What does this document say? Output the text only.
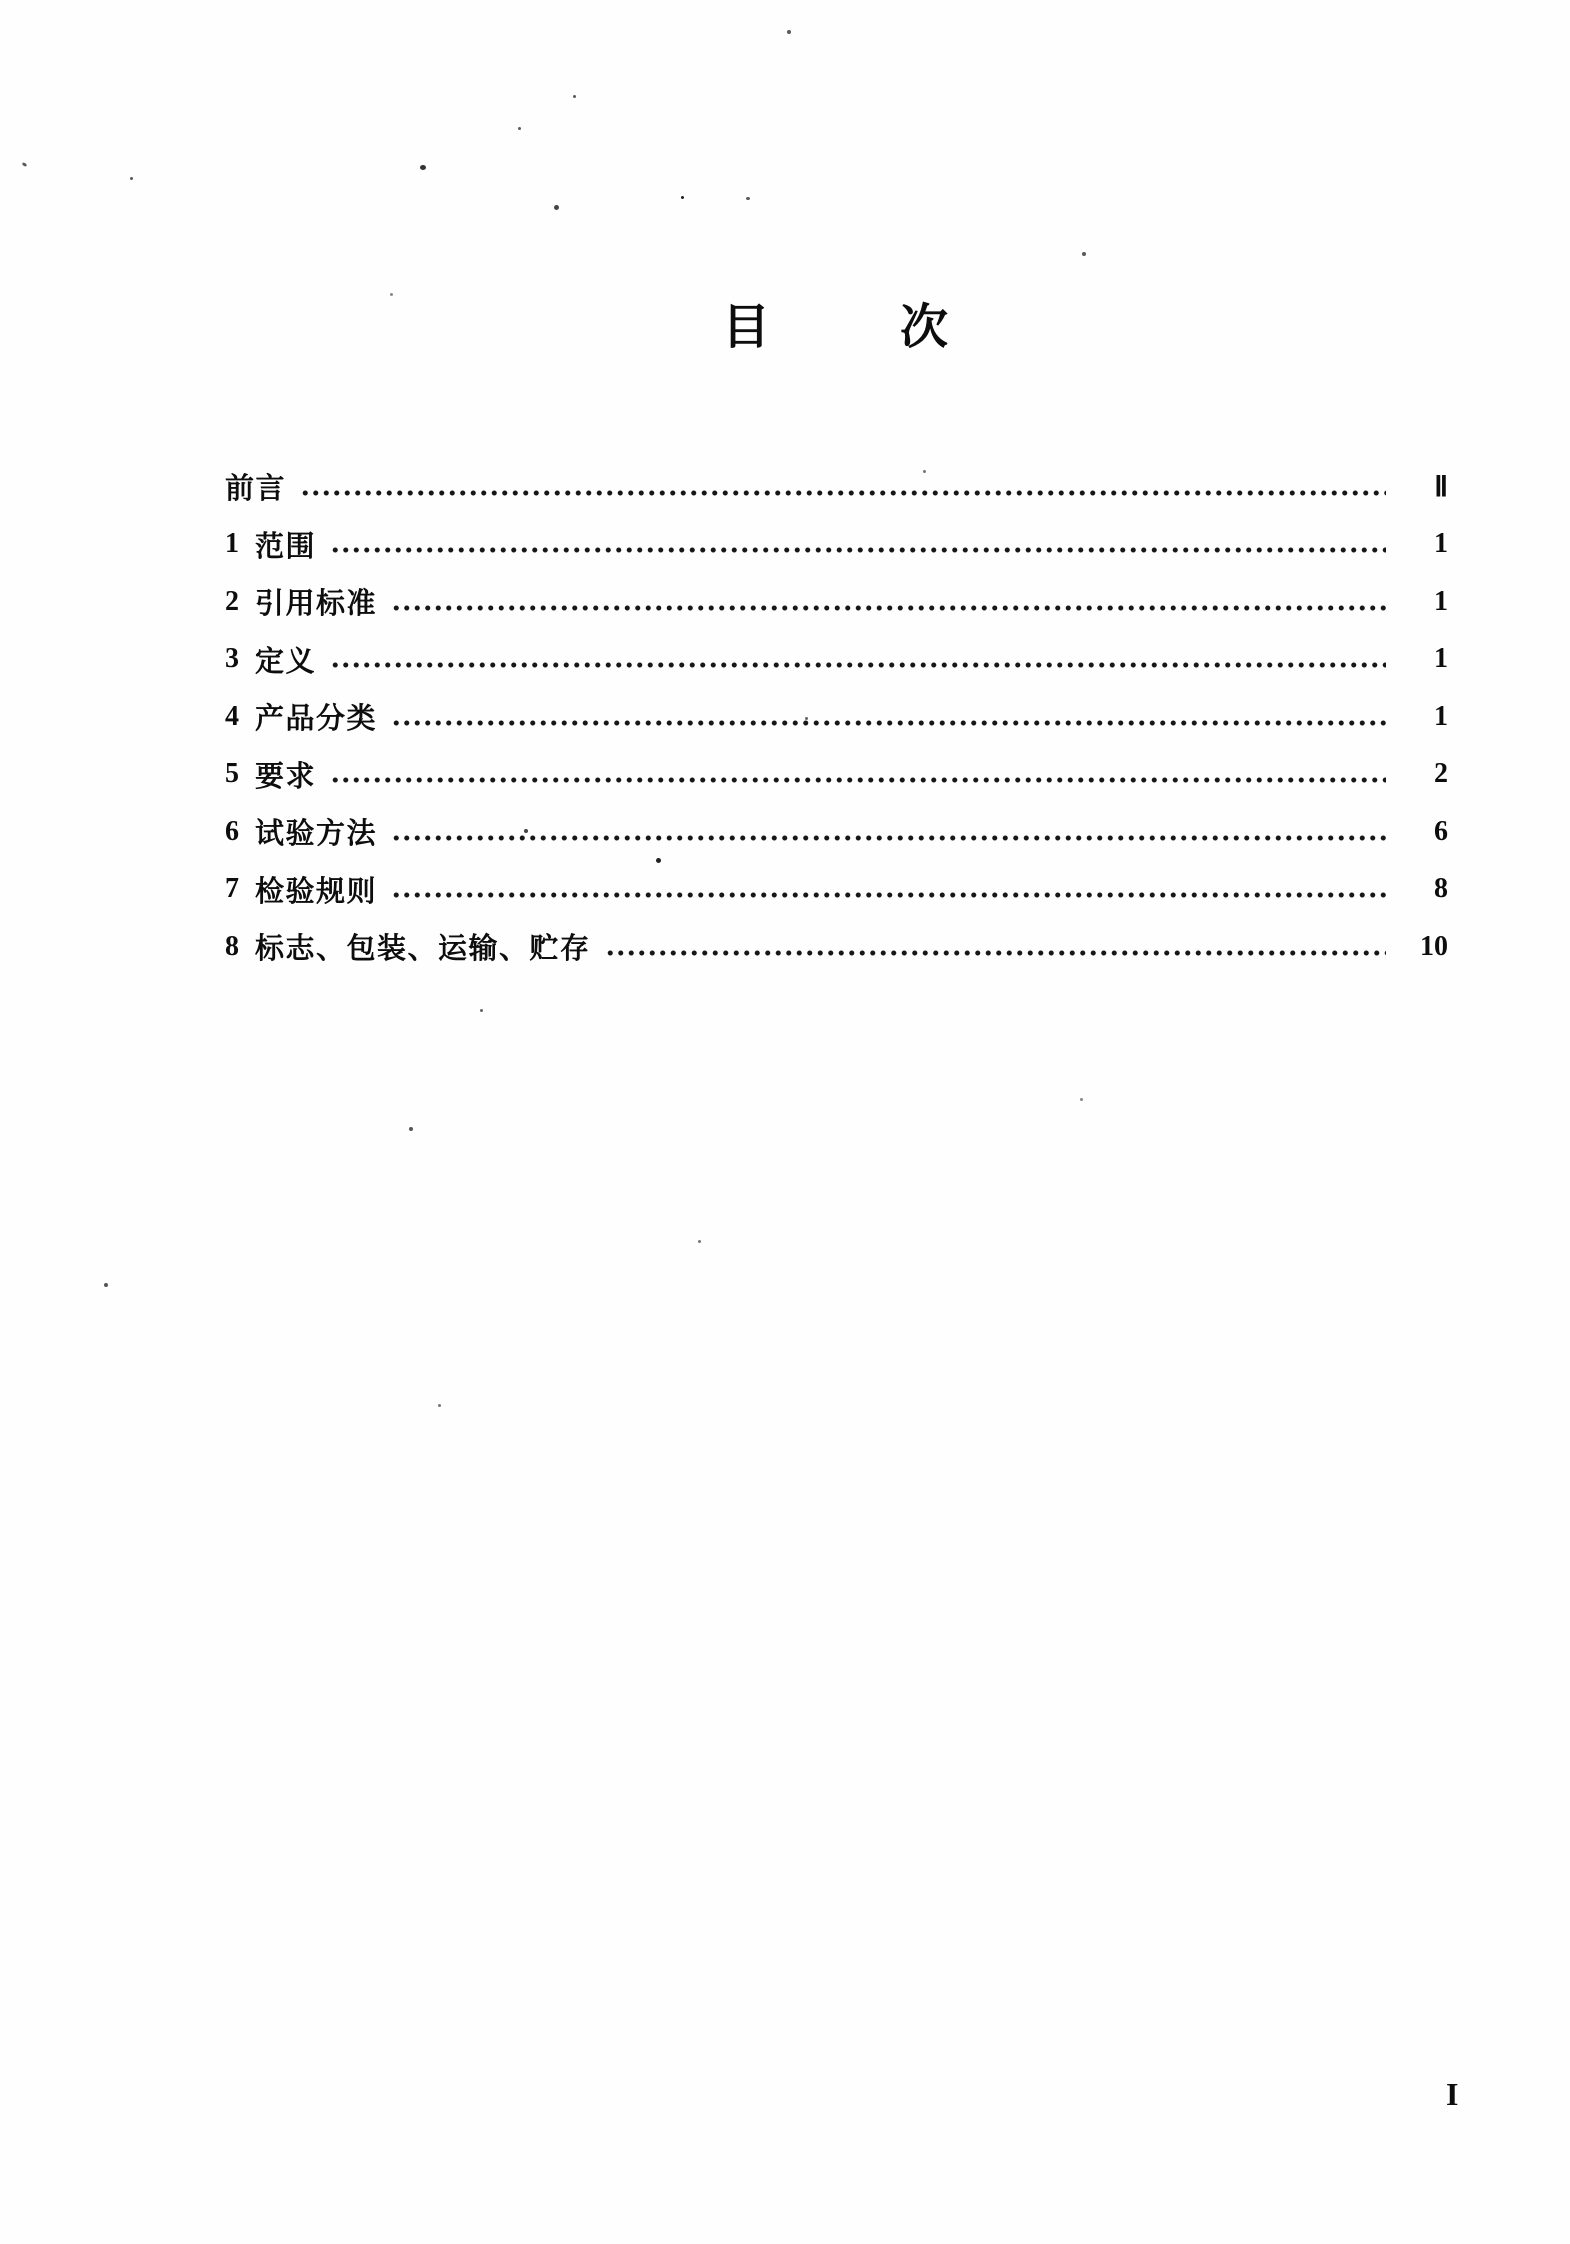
目次
前言	Ⅱ
1 范围	1
2 引用标准	1
3 定义	1
4 产品分类	1
5 要求	2
6 试验方法	6
7 检验规则	8
8 标志、包装、运输、贮存	10
I
